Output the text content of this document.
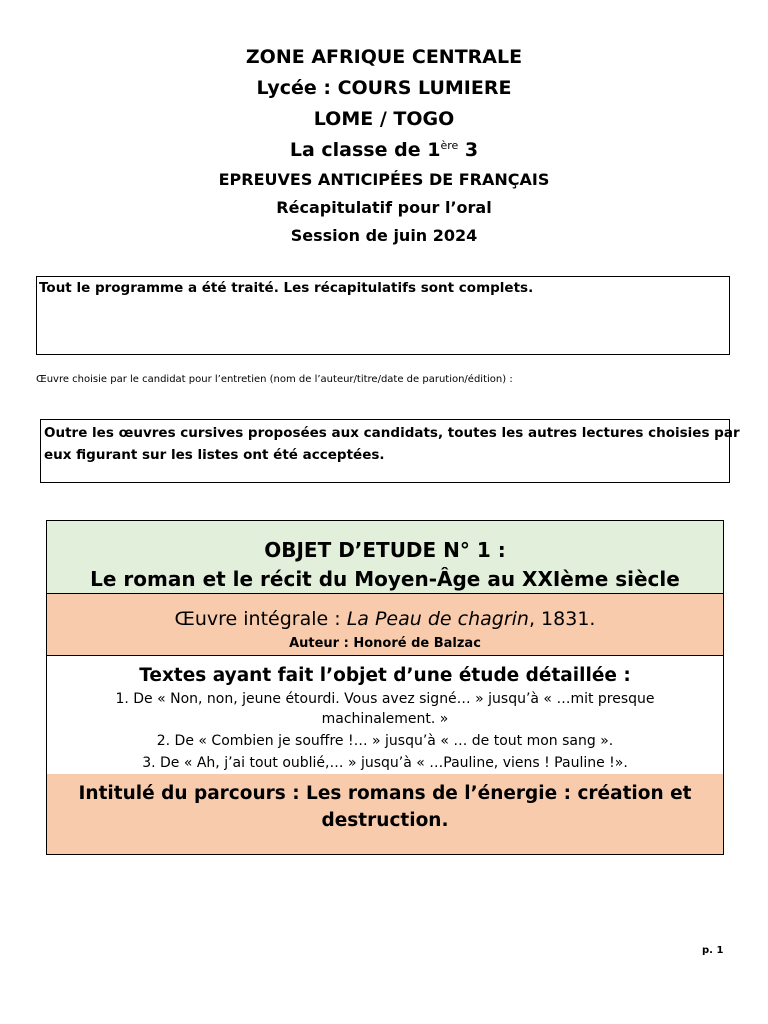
ZONE AFRIQUE CENTRALE
Lycée : COURS LUMIERE
LOME / TOGO
La classe de 1ère 3
EPREUVES ANTICIPÉES DE FRANÇAIS
Récapitulatif pour l’oral
Session de juin 2024
Tout le programme a été traité. Les récapitulatifs sont complets.
Œuvre choisie par le candidat pour l’entretien (nom de l’auteur/titre/date de parution/édition) :
Outre les œuvres cursives proposées aux candidats, toutes les autres lectures choisies par
eux figurant sur les listes ont été acceptées.
OBJET D’ETUDE N° 1 :
Le roman et le récit du Moyen-Âge au XXIème siècle
Œuvre intégrale : La Peau de chagrin, 1831.
Auteur : Honoré de Balzac
Textes ayant fait l’objet d’une étude détaillée :
1. De « Non, non, jeune étourdi. Vous avez signé… » jusqu’à « …mit presque
machinalement. »
2. De « Combien je souffre !… » jusqu’à « … de tout mon sang ».
3. De « Ah, j’ai tout oublié,… » jusqu’à « …Pauline, viens ! Pauline !».
Intitulé du parcours : Les romans de l’énergie : création et
destruction.
p. 1
